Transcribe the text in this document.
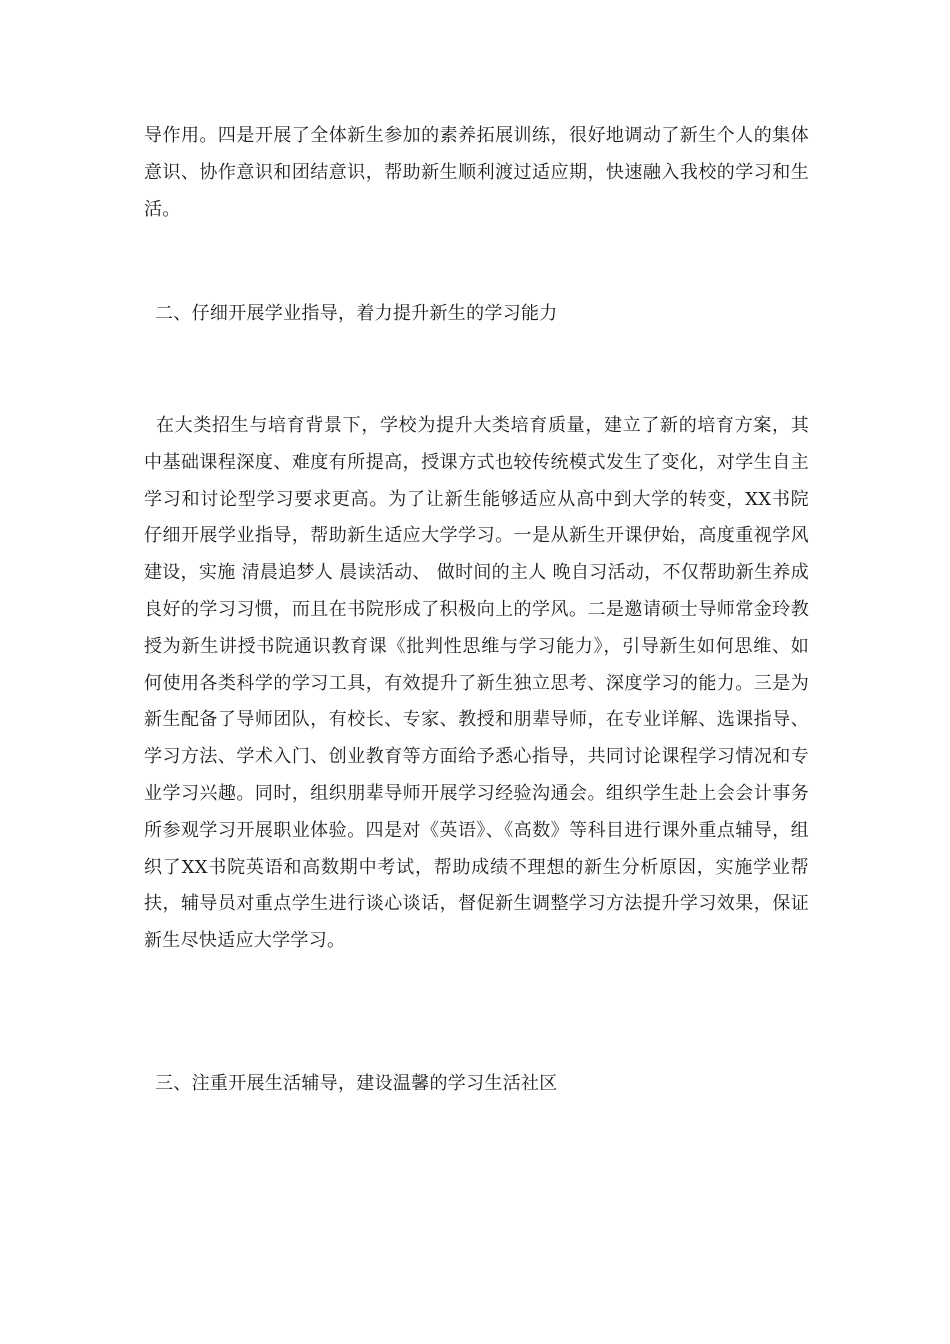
导作用。四是开展了全体新生参加的素养拓展训练，很好地调动了新生个人的集体意识、协作意识和团结意识，帮助新生顺利渡过适应期，快速融入我校的学习和生活。

二、仔细开展学业指导，着力提升新生的学习能力

在大类招生与培育背景下，学校为提升大类培育质量，建立了新的培育方案，其中基础课程深度、难度有所提高，授课方式也较传统模式发生了变化，对学生自主学习和讨论型学习要求更高。为了让新生能够适应从高中到大学的转变，XX书院仔细开展学业指导，帮助新生适应大学学习。一是从新生开课伊始，高度重视学风建设，实施 清晨追梦人 晨读活动、 做时间的主人 晚自习活动，不仅帮助新生养成良好的学习习惯，而且在书院形成了积极向上的学风。二是邀请硕士导师常金玲教授为新生讲授书院通识教育课《批判性思维与学习能力》，引导新生如何思维、如何使用各类科学的学习工具，有效提升了新生独立思考、深度学习的能力。三是为新生配备了导师团队，有校长、专家、教授和朋辈导师，在专业详解、选课指导、学习方法、学术入门、创业教育等方面给予悉心指导，共同讨论课程学习情况和专业学习兴趣。同时，组织朋辈导师开展学习经验沟通会。组织学生赴上会会计事务所参观学习开展职业体验。四是对《英语》、《高数》等科目进行课外重点辅导，组织了XX书院英语和高数期中考试，帮助成绩不理想的新生分析原因，实施学业帮扶，辅导员对重点学生进行谈心谈话，督促新生调整学习方法提升学习效果，保证新生尽快适应大学学习。

三、注重开展生活辅导，建设温馨的学习生活社区
